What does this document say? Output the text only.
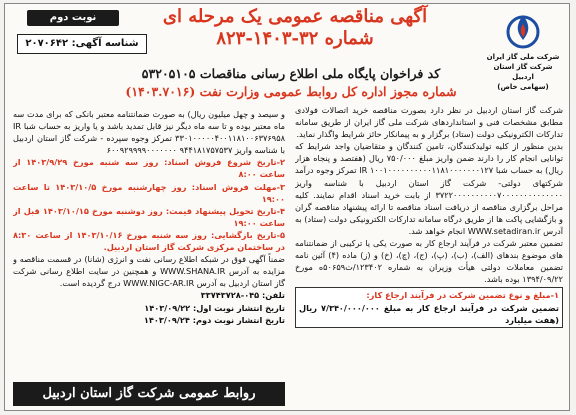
نوبت دوم	آگهی مناقصه عمومی یک مرحله ای
شماره ۳۲-۱۴۰۳-۸۲۳
شناسه آگهی: ۲۰۷۰۶۴۲
شرکت ملی گاز ایران
شرکت گاز استان اردبیل
(سهامی خاص)
کد فراخوان پایگاه ملی اطلاع رسانی مناقصات ۵۳۲۰۵۱۰۵
شماره مجوز اداره کل روابط عمومی وزارت نفت (۱۴۰۳.۷۰۱۶)

شرکت گاز استان اردبیل در نظر دارد بصورت مناقصه خرید اتصالات فولادی مطابق مشخصات فنی و استانداردهای شرکت ملی گاز ایران از طریق سامانه تدارکات الکترونیکی دولت (ستاد) برگزار و به پیمانکار حائز شرایط واگذار نماید.

بدین منظور از کلیه تولیدکنندگان، تامین کنندگان و متقاضیان واجد شرایط که توانایی انجام کار را دارند ضمن واریز مبلغ ۷۵۰/۰۰۰ ریال (هفتصد و پنجاه هزار ریال) به حساب شبا IR ۱۰۰۱۰۰۰۰۰۰۰۰۰۰۱۱۸۱۰۰۰۰۰۰۰۱۲۷ تمرکز وجوه درآمد شرکتهای دولتی- شرکت گاز استان اردبیل با شناسه واریز ۳۷۲۲۰۰۰۰۰۰۰۰۰۰۷۰۰۰۰۰۰۰۰۰۰۰۰۰۰ از بابت خرید اسناد اقدام نمایند. کلیه مراحل برگزاری مناقصه از دریافت اسناد مناقصه تا ارائه پیشنهاد مناقصه گران و بازگشایی پاکت ها از طریق درگاه سامانه تدارکات الکترونیکی دولت (ستاد) به آدرس WWW.setadiran.ir انجام خواهد شد.

تضمین معتبر شرکت در فرآیند ارجاع کار به صورت یکی یا ترکیبی از ضمانتنامه های موضوع بندهای (الف)، (ب)، (پ)، (ج)، (چ)، (خ) و (ز) ماده (۴) آئین نامه تضمین معاملات دولتی هیأت وزیران به شماره ۱۲۳۴۰۲/ت۵۰۶۵۹ه مورخ ۱۳۹۴/۰۹/۲۲ بوده باشد.

۱-مبلغ و نوع تضمین شرکت در فرآیند ارجاع کار:

تضمین شرکت در فرآیند ارجاع کار به مبلغ ۷/۳۴۰/۰۰۰/۰۰۰ ریال (هفت میلیارد

و سیصد و چهل میلیون ریال) به صورت ضمانتنامه معتبر بانکی که برای مدت سه ماه معتبر بوده و تا سه ماه دیگر نیز قابل تمدید باشد و یا واریز به حساب شبا IR ۳۳۰۱۰۰۰۰۰۴۰۰۱۱۸۱۰۰۶۳۷۶۹۵۸ تمرکز وجوه سپرده - شرکت گاز استان اردبیل با شناسه واریز ۹۴۴۱۸۱۷۵۷۵۳۷ ۶۰۰۹۲۹۹۹۹۰۰۰۰۰۰۰

۲-تاریخ شروع فروش اسناد: روز سه شنبه مورخ ۱۴۰۳/۹/۲۹ از ساعت ۸:۰۰

۳-مهلت فروش اسناد: روز چهارشنبه مورخ ۱۴۰۳/۱۰/۵ تا ساعت ۱۹:۰۰

۴-تاریخ تحویل پیشنهاد قیمت: روز دوشنبه مورخ ۱۴۰۳/۱۰/۱۵ قبل از ساعت ۱۹:۰۰

۵-تاریخ بازگشایی: روز سه شنبه مورخ ۱۴۰۳/۱۰/۱۶ از ساعت ۸:۳۰ در ساختمان مرکزی شرکت گاز استان اردبیل.

ضمناً آگهی فوق در شبکه اطلاع رسانی نفت و انرژی (شانا) در قسمت مناقصه و مزایده به آدرس WWW.SHANA.IR و همچنین در سایت اطلاع رسانی شرکت گاز استان اردبیل به آدرس WWW.NIGC-AR.IR درج گردیده است.

تلفن: ۰۴۵-۳۳۷۴۳۷۲۸

تاریخ انتشار نوبت اول: ۱۴۰۳/۰۹/۲۲

تاریخ انتشار نوبت دوم: ۱۴۰۳/۰۹/۲۴

روابط عمومی شرکت گاز استان اردبیل
